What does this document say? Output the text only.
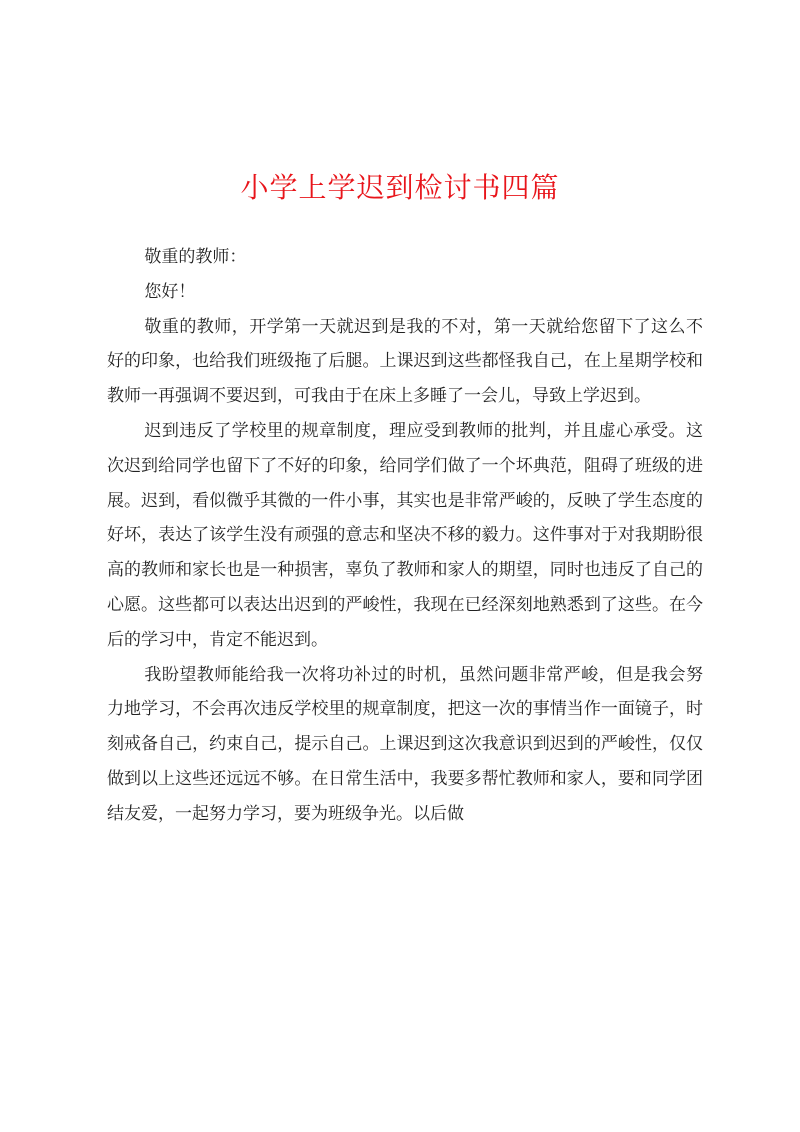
小学上学迟到检讨书四篇

敬重的教师：

您好！

敬重的教师，开学第一天就迟到是我的不对，第一天就给您留下了这么不好的印象，也给我们班级拖了后腿。上课迟到这些都怪我自己，在上星期学校和教师一再强调不要迟到，可我由于在床上多睡了一会儿，导致上学迟到。

迟到违反了学校里的规章制度，理应受到教师的批判，并且虚心承受。这次迟到给同学也留下了不好的印象，给同学们做了一个坏典范，阻碍了班级的进展。迟到，看似微乎其微的一件小事，其实也是非常严峻的，反映了学生态度的好坏，表达了该学生没有顽强的意志和坚决不移的毅力。这件事对于对我期盼很高的教师和家长也是一种损害，辜负了教师和家人的期望，同时也违反了自己的心愿。这些都可以表达出迟到的严峻性，我现在已经深刻地熟悉到了这些。在今后的学习中，肯定不能迟到。

我盼望教师能给我一次将功补过的时机，虽然问题非常严峻，但是我会努力地学习，不会再次违反学校里的规章制度，把这一次的事情当作一面镜子，时刻戒备自己，约束自己，提示自己。上课迟到这次我意识到迟到的严峻性，仅仅做到以上这些还远远不够。在日常生活中，我要多帮忙教师和家人，要和同学团结友爱，一起努力学习，要为班级争光。以后做
